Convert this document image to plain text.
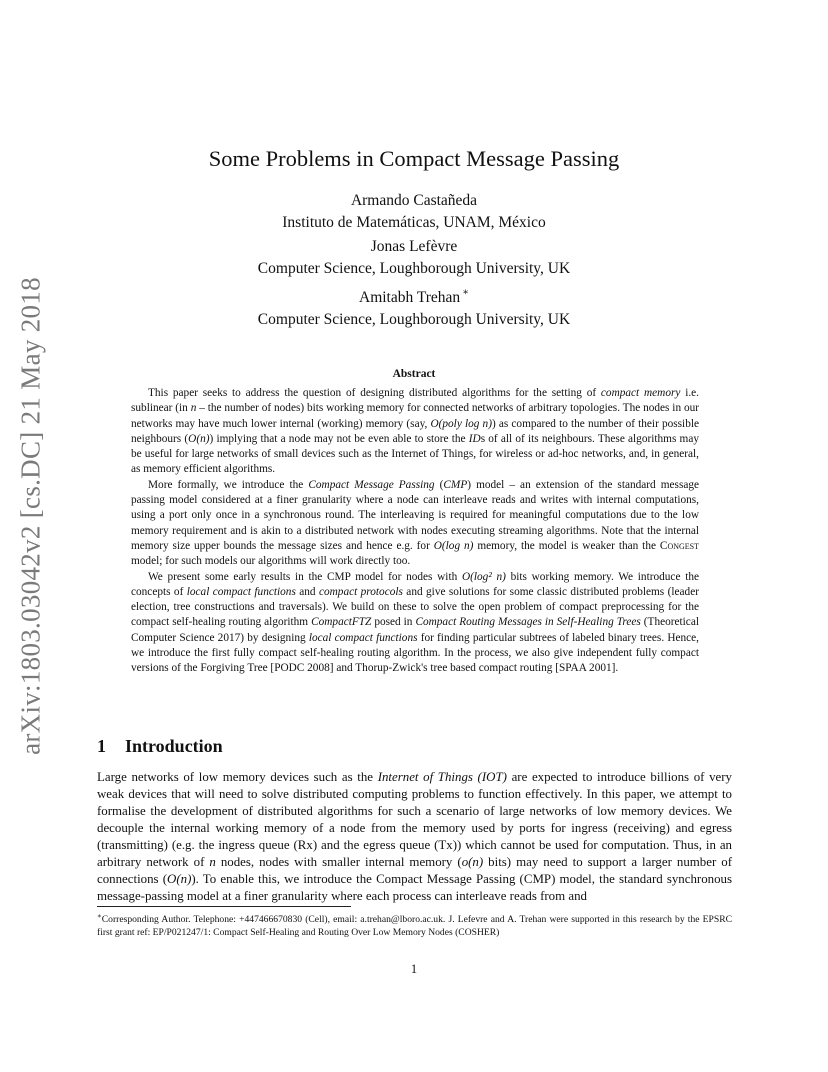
arXiv:1803.03042v2 [cs.DC] 21 May 2018
Some Problems in Compact Message Passing
Armando Castañeda
Instituto de Matemáticas, UNAM, México
Jonas Lefèvre
Computer Science, Loughborough University, UK
Amitabh Trehan ∗
Computer Science, Loughborough University, UK
Abstract

This paper seeks to address the question of designing distributed algorithms for the setting of compact memory i.e. sublinear (in n – the number of nodes) bits working memory for connected networks of arbitrary topologies. The nodes in our networks may have much lower internal (working) memory (say, O(poly log n)) as compared to the number of their possible neighbours (O(n)) implying that a node may not be even able to store the IDs of all of its neighbours. These algorithms may be useful for large networks of small devices such as the Internet of Things, for wireless or ad-hoc networks, and, in general, as memory efficient algorithms.

More formally, we introduce the Compact Message Passing (CMP) model – an extension of the standard message passing model considered at a finer granularity where a node can interleave reads and writes with internal computations, using a port only once in a synchronous round. The interleaving is required for meaningful computations due to the low memory requirement and is akin to a distributed network with nodes executing streaming algorithms. Note that the internal memory size upper bounds the message sizes and hence e.g. for O(log n) memory, the model is weaker than the Congest model; for such models our algorithms will work directly too.

We present some early results in the CMP model for nodes with O(log² n) bits working memory. We introduce the concepts of local compact functions and compact protocols and give solutions for some classic distributed problems (leader election, tree constructions and traversals). We build on these to solve the open problem of compact preprocessing for the compact self-healing routing algorithm CompactFTZ posed in Compact Routing Messages in Self-Healing Trees (Theoretical Computer Science 2017) by designing local compact functions for finding particular subtrees of labeled binary trees. Hence, we introduce the first fully compact self-healing routing algorithm. In the process, we also give independent fully compact versions of the Forgiving Tree [PODC 2008] and Thorup-Zwick's tree based compact routing [SPAA 2001].

1 Introduction

Large networks of low memory devices such as the Internet of Things (IOT) are expected to introduce billions of very weak devices that will need to solve distributed computing problems to function effectively. In this paper, we attempt to formalise the development of distributed algorithms for such a scenario of large networks of low memory devices. We decouple the internal working memory of a node from the memory used by ports for ingress (receiving) and egress (transmitting) (e.g. the ingress queue (Rx) and the egress queue (Tx)) which cannot be used for computation. Thus, in an arbitrary network of n nodes, nodes with smaller internal memory (o(n) bits) may need to support a larger number of connections (O(n)). To enable this, we introduce the Compact Message Passing (CMP) model, the standard synchronous message-passing model at a finer granularity where each process can interleave reads from and

∗Corresponding Author. Telephone: +447466670830 (Cell), email: a.trehan@lboro.ac.uk. J. Lefevre and A. Trehan were supported in this research by the EPSRC first grant ref: EP/P021247/1: Compact Self-Healing and Routing Over Low Memory Nodes (COSHER)
1
